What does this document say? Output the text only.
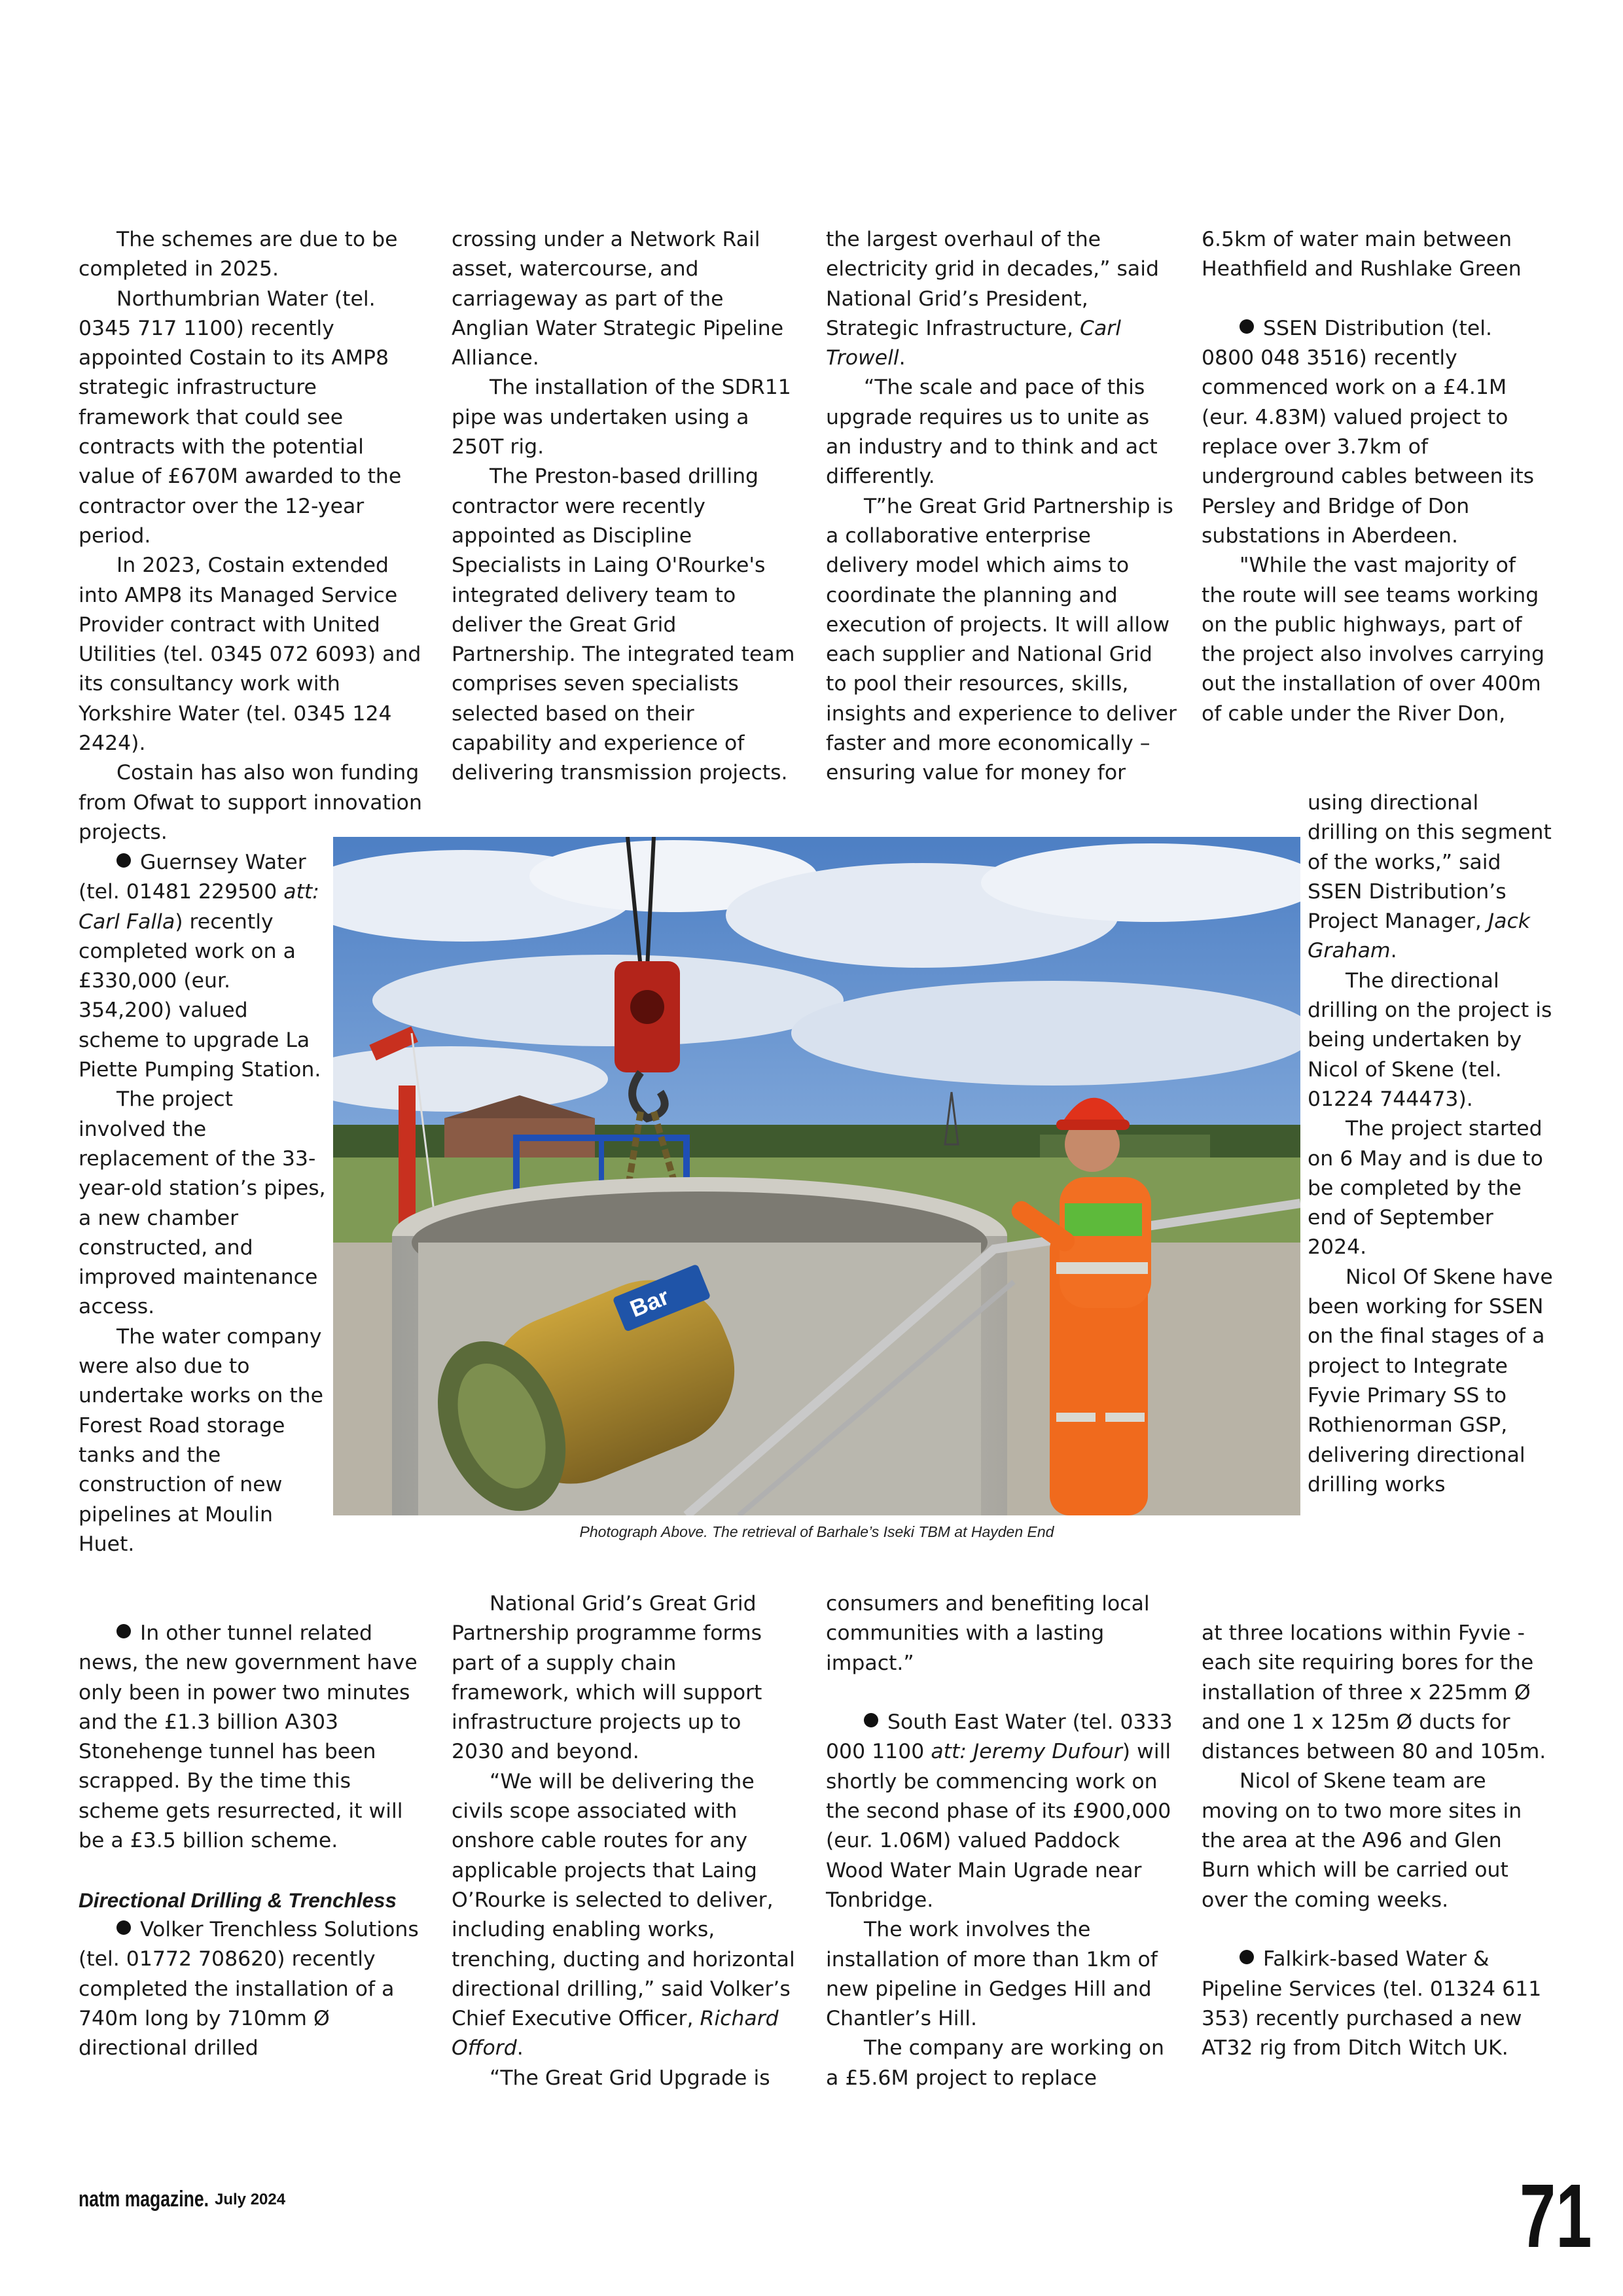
The schemes are due to be completed in 2025.

Northumbrian Water (tel. 0345 717 1100) recently appointed Costain to its AMP8 strategic infrastructure framework that could see contracts with the potential value of £670M awarded to the contractor over the 12-year period.

In 2023, Costain extended into AMP8 its Managed Service Provider contract with United Utilities (tel. 0345 072 6093) and its consultancy work with Yorkshire Water (tel. 0345 124 2424).

Costain has also won funding from Ofwat to support innovation projects.

Guernsey Water (tel. 01481 229500 att: Carl Falla) recently completed work on a £330,000 (eur. 354,200) valued scheme to upgrade La Piette Pumping Station.

The project involved the replacement of the 33-year-old station’s pipes, a new chamber constructed, and improved maintenance access.

The water company were also due to undertake works on the Forest Road storage tanks and the construction of new pipelines at Moulin Huet.

In other tunnel related news, the new government have only been in power two minutes and the £1.3 billion A303 Stonehenge tunnel has been scrapped. By the time this scheme gets resurrected, it will be a £3.5 billion scheme.

Directional Drilling & Trenchless

Volker Trenchless Solutions (tel. 01772 708620) recently completed the installation of a 740m long by 710mm Ø directional drilled

crossing under a Network Rail asset, watercourse, and carriageway as part of the Anglian Water Strategic Pipeline Alliance.

The installation of the SDR11 pipe was undertaken using a 250T rig.

The Preston-based drilling contractor were recently appointed as Discipline Specialists in Laing O'Rourke's integrated delivery team to deliver the Great Grid Partnership. The integrated team comprises seven specialists selected based on their capability and experience of delivering transmission projects.

National Grid’s Great Grid Partnership programme forms part of a supply chain framework, which will support infrastructure projects up to 2030 and beyond.

“We will be delivering the civils scope associated with onshore cable routes for any applicable projects that Laing O’Rourke is selected to deliver, including enabling works, trenching, ducting and horizontal directional drilling,” said Volker’s Chief Executive Officer, Richard Offord.

“The Great Grid Upgrade is

the largest overhaul of the electricity grid in decades,” said National Grid’s President, Strategic Infrastructure, Carl Trowell.

“The scale and pace of this upgrade requires us to unite as an industry and to think and act differently.

T”he Great Grid Partnership is a collaborative enterprise delivery model which aims to coordinate the planning and execution of projects. It will allow each supplier and National Grid to pool their resources, skills, insights and experience to deliver faster and more economically – ensuring value for money for

consumers and benefiting local communities with a lasting impact.”

South East Water (tel. 0333 000 1100 att: Jeremy Dufour) will shortly be commencing work on the second phase of its £900,000 (eur. 1.06M) valued Paddock Wood Water Main Ugrade near Tonbridge.

The work involves the installation of more than 1km of new pipeline in Gedges Hill and Chantler’s Hill.

The company are working on a £5.6M project to replace

6.5km of water main between Heathfield and Rushlake Green

SSEN Distribution (tel. 0800 048 3516) recently commenced work on a £4.1M (eur. 4.83M) valued project to replace over 3.7km of underground cables between its Persley and Bridge of Don substations in Aberdeen.

"While the vast majority of the route will see teams working on the public highways, part of the project also involves carrying out the installation of over 400m of cable under the River Don,

using directional drilling on this segment of the works,” said SSEN Distribution’s Project Manager, Jack Graham.

The directional drilling on the project is being undertaken by Nicol of Skene (tel. 01224 744473).

The project started on 6 May and is due to be completed by the end of September 2024.

Nicol Of Skene have been working for SSEN on the final stages of a project to Integrate Fyvie Primary SS to Rothienorman GSP, delivering directional drilling works

at three locations within Fyvie - each site requiring bores for the installation of three x 225mm Ø and one 1 x 125m Ø ducts for distances between 80 and 105m.

Nicol of Skene team are moving on to two more sites in the area at the A96 and Glen Burn which will be carried out over the coming weeks.

Falkirk-based Water & Pipeline Services (tel. 01324 611 353) recently purchased a new AT32 rig from Ditch Witch UK.

Bar
Photograph Above. The retrieval of Barhale’s Iseki TBM at Hayden End
natm magazine. July 2024	71
